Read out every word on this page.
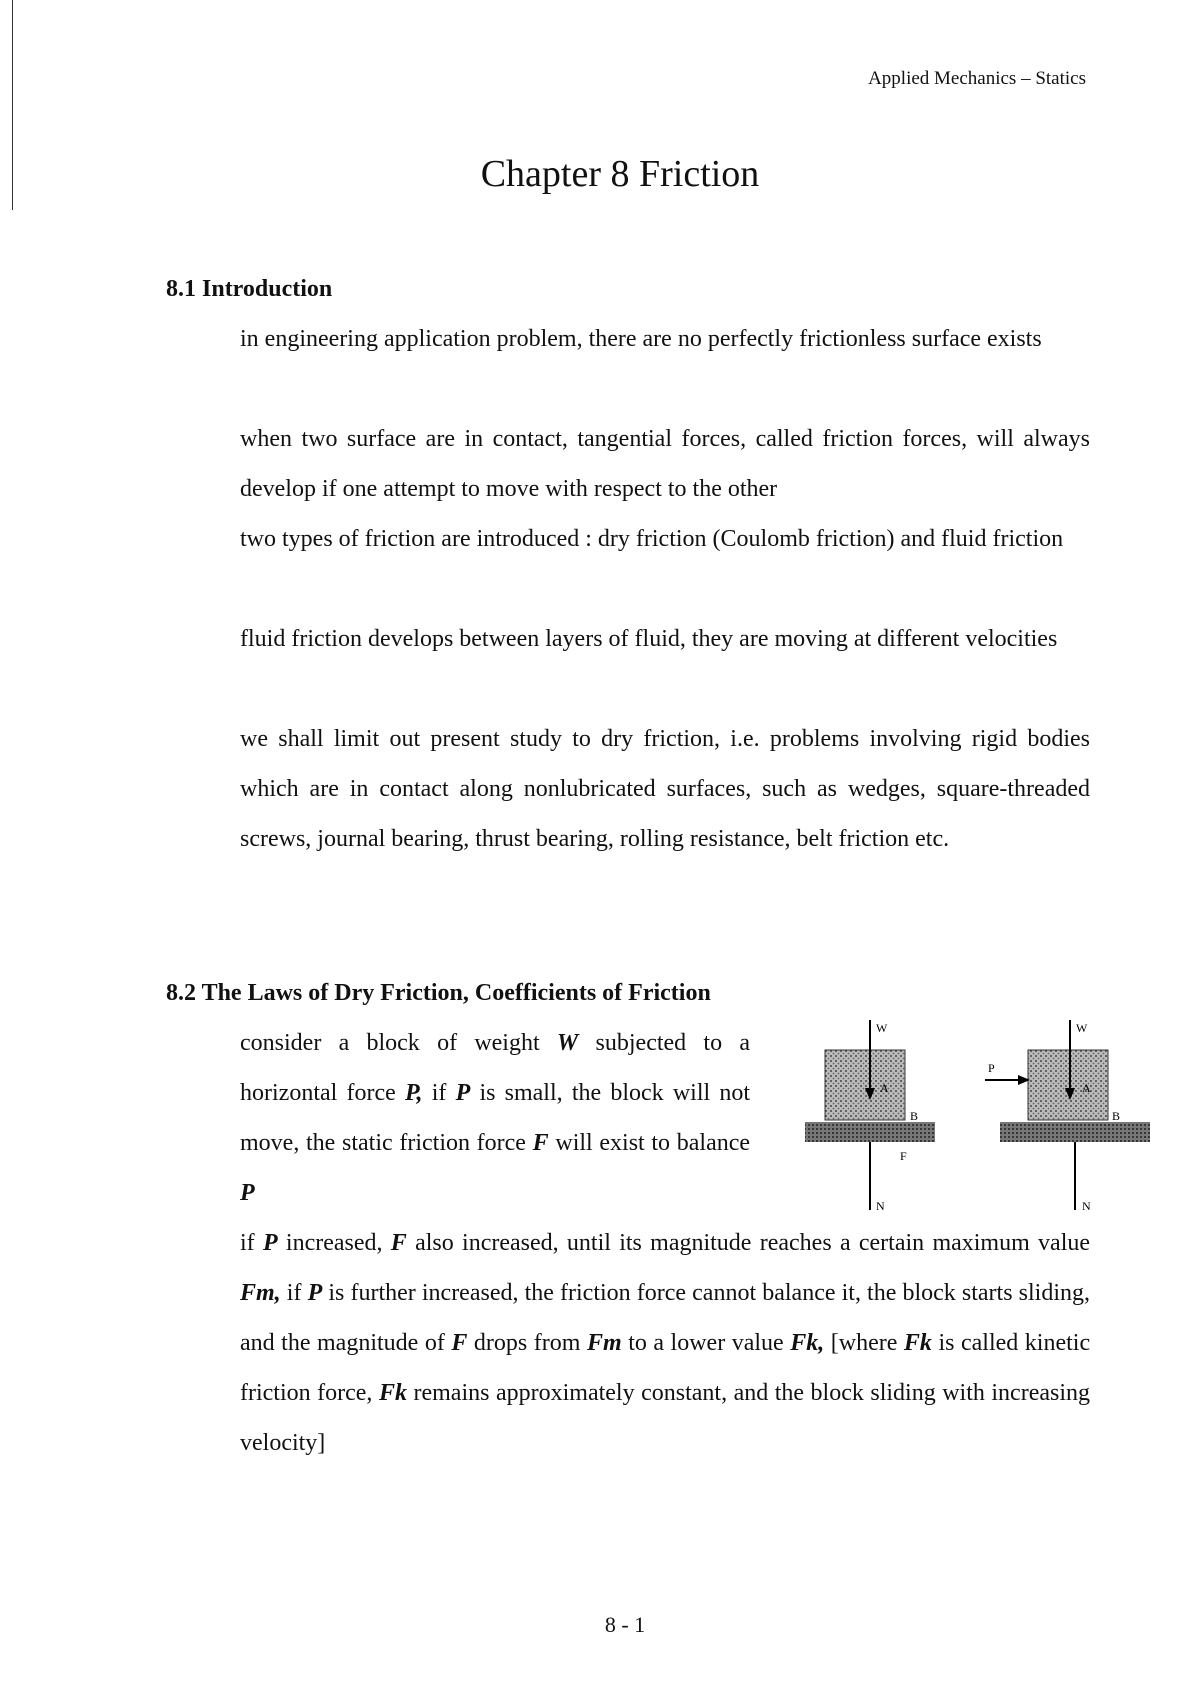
Applied Mechanics – Statics
Chapter 8 Friction
8.1 Introduction
in engineering application problem, there are no perfectly frictionless surface exists
when two surface are in contact, tangential forces, called friction forces, will always develop if one attempt to move with respect to the other
two types of friction are introduced : dry friction (Coulomb friction) and fluid friction
fluid friction develops between layers of fluid, they are moving at different velocities
we shall limit out present study to dry friction, i.e. problems involving rigid bodies which are in contact along nonlubricated surfaces, such as wedges, square-threaded screws, journal bearing, thrust bearing, rolling resistance, belt friction etc.
8.2 The Laws of Dry Friction, Coefficients of Friction
consider a block of weight W subjected to a horizontal force P, if P is small, the block will not move, the static friction force F will exist to balance P
W
A
B
F
N
W
P
A
B
N
if P increased, F also increased, until its magnitude reaches a certain maximum value Fm, if P is further increased, the friction force cannot balance it, the block starts sliding, and the magnitude of F drops from Fm to a lower value Fk, [where Fk is called kinetic friction force, Fk remains approximately constant, and the block sliding with increasing velocity]
8 - 1
